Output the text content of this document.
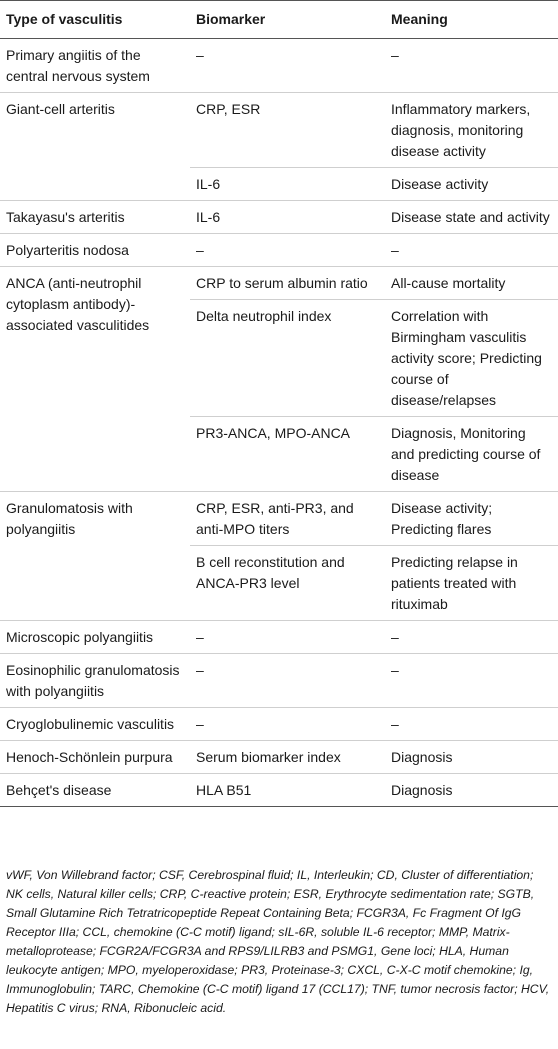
Type of vasculitis	Biomarker	Meaning
Primary angiitis of the central nervous system	–	–
Giant-cell arteritis	CRP, ESR	Inflammatory markers, diagnosis, monitoring disease activity
	IL-6	Disease activity
Takayasu's arteritis	IL-6	Disease state and activity
Polyarteritis nodosa	–	–
ANCA (anti-neutrophil cytoplasm antibody)-associated vasculitides	CRP to serum albumin ratio	All-cause mortality
	Delta neutrophil index	Correlation with Birmingham vasculitis activity score; Predicting course of disease/relapses
	PR3-ANCA, MPO-ANCA	Diagnosis, Monitoring and predicting course of disease
Granulomatosis with polyangiitis	CRP, ESR, anti-PR3, and anti-MPO titers	Disease activity; Predicting flares
	B cell reconstitution and ANCA-PR3 level	Predicting relapse in patients treated with rituximab
Microscopic polyangiitis	–	–
Eosinophilic granulomatosis with polyangiitis	–	–
Cryoglobulinemic vasculitis	–	–
Henoch-Schönlein purpura	Serum biomarker index	Diagnosis
Behçet's disease	HLA B51	Diagnosis
vWF, Von Willebrand factor; CSF, Cerebrospinal fluid; IL, Interleukin; CD, Cluster of differentiation; NK cells, Natural killer cells; CRP, C-reactive protein; ESR, Erythrocyte sedimentation rate; SGTB, Small Glutamine Rich Tetratricopeptide Repeat Containing Beta; FCGR3A, Fc Fragment Of IgG Receptor IIIa; CCL, chemokine (C-C motif) ligand; sIL-6R, soluble IL-6 receptor; MMP, Matrix-metalloprotease; FCGR2A/FCGR3A and RPS9/LILRB3 and PSMG1, Gene loci; HLA, Human leukocyte antigen; MPO, myeloperoxidase; PR3, Proteinase-3; CXCL, C-X-C motif chemokine; Ig, Immunoglobulin; TARC, Chemokine (C-C motif) ligand 17 (CCL17); TNF, tumor necrosis factor; HCV, Hepatitis C virus; RNA, Ribonucleic acid.
